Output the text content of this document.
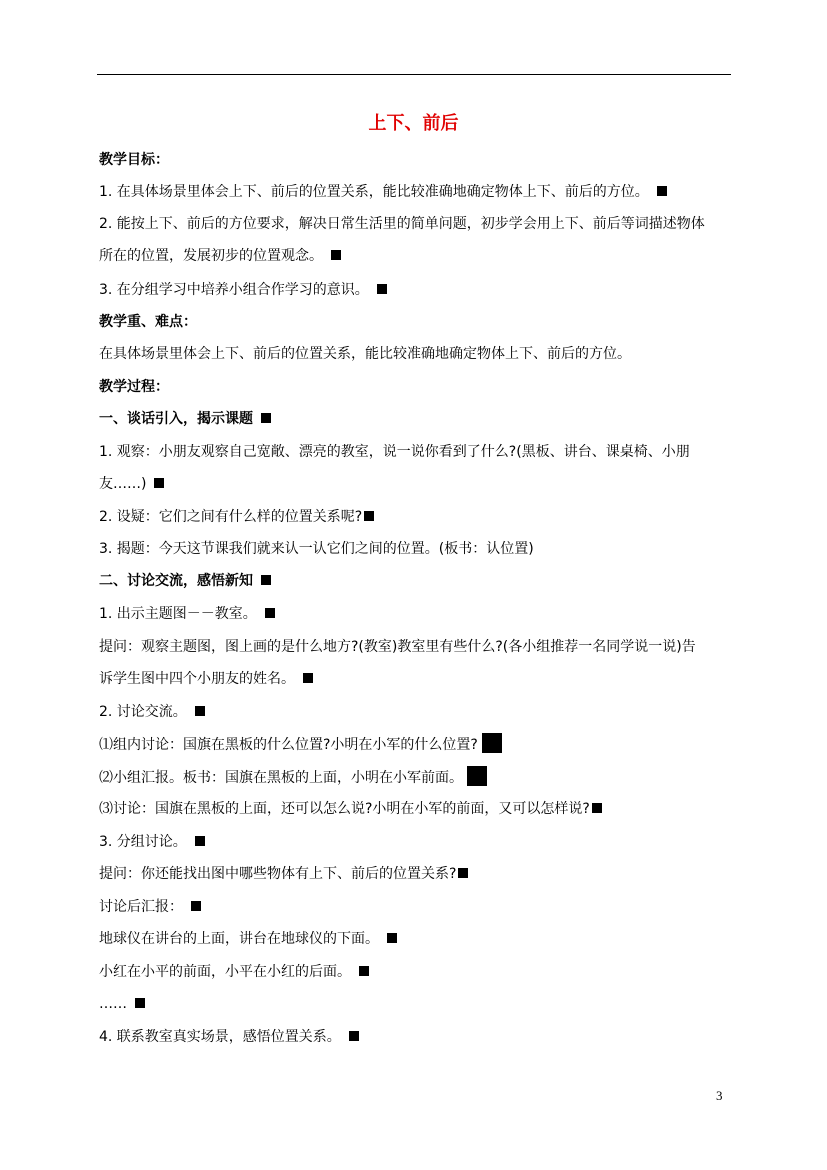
上下、前后
教学目标：
1. 在具体场景里体会上下、前后的位置关系，能比较准确地确定物体上下、前后的方位。
2. 能按上下、前后的方位要求，解决日常生活里的简单问题，初步学会用上下、前后等词描述物体
所在的位置，发展初步的位置观念。
3. 在分组学习中培养小组合作学习的意识。
教学重、难点：
在具体场景里体会上下、前后的位置关系，能比较准确地确定物体上下、前后的方位。
教学过程：
一、谈话引入，揭示课题
1. 观察：小朋友观察自己宽敞、漂亮的教室，说一说你看到了什么?(黑板、讲台、课桌椅、小朋
友……)
2. 设疑：它们之间有什么样的位置关系呢?
3. 揭题：今天这节课我们就来认一认它们之间的位置。(板书：认位置)
二、讨论交流，感悟新知
1. 出示主题图－－教室。
提问：观察主题图，图上画的是什么地方?(教室)教室里有些什么?(各小组推荐一名同学说一说)告
诉学生图中四个小朋友的姓名。
2. 讨论交流。
⑴组内讨论：国旗在黑板的什么位置?小明在小军的什么位置?
⑵小组汇报。板书：国旗在黑板的上面，小明在小军前面。
⑶讨论：国旗在黑板的上面，还可以怎么说?小明在小军的前面，又可以怎样说?
3. 分组讨论。
提问：你还能找出图中哪些物体有上下、前后的位置关系?
讨论后汇报：
地球仪在讲台的上面，讲台在地球仪的下面。
小红在小平的前面，小平在小红的后面。
……
4. 联系教室真实场景，感悟位置关系。
3
